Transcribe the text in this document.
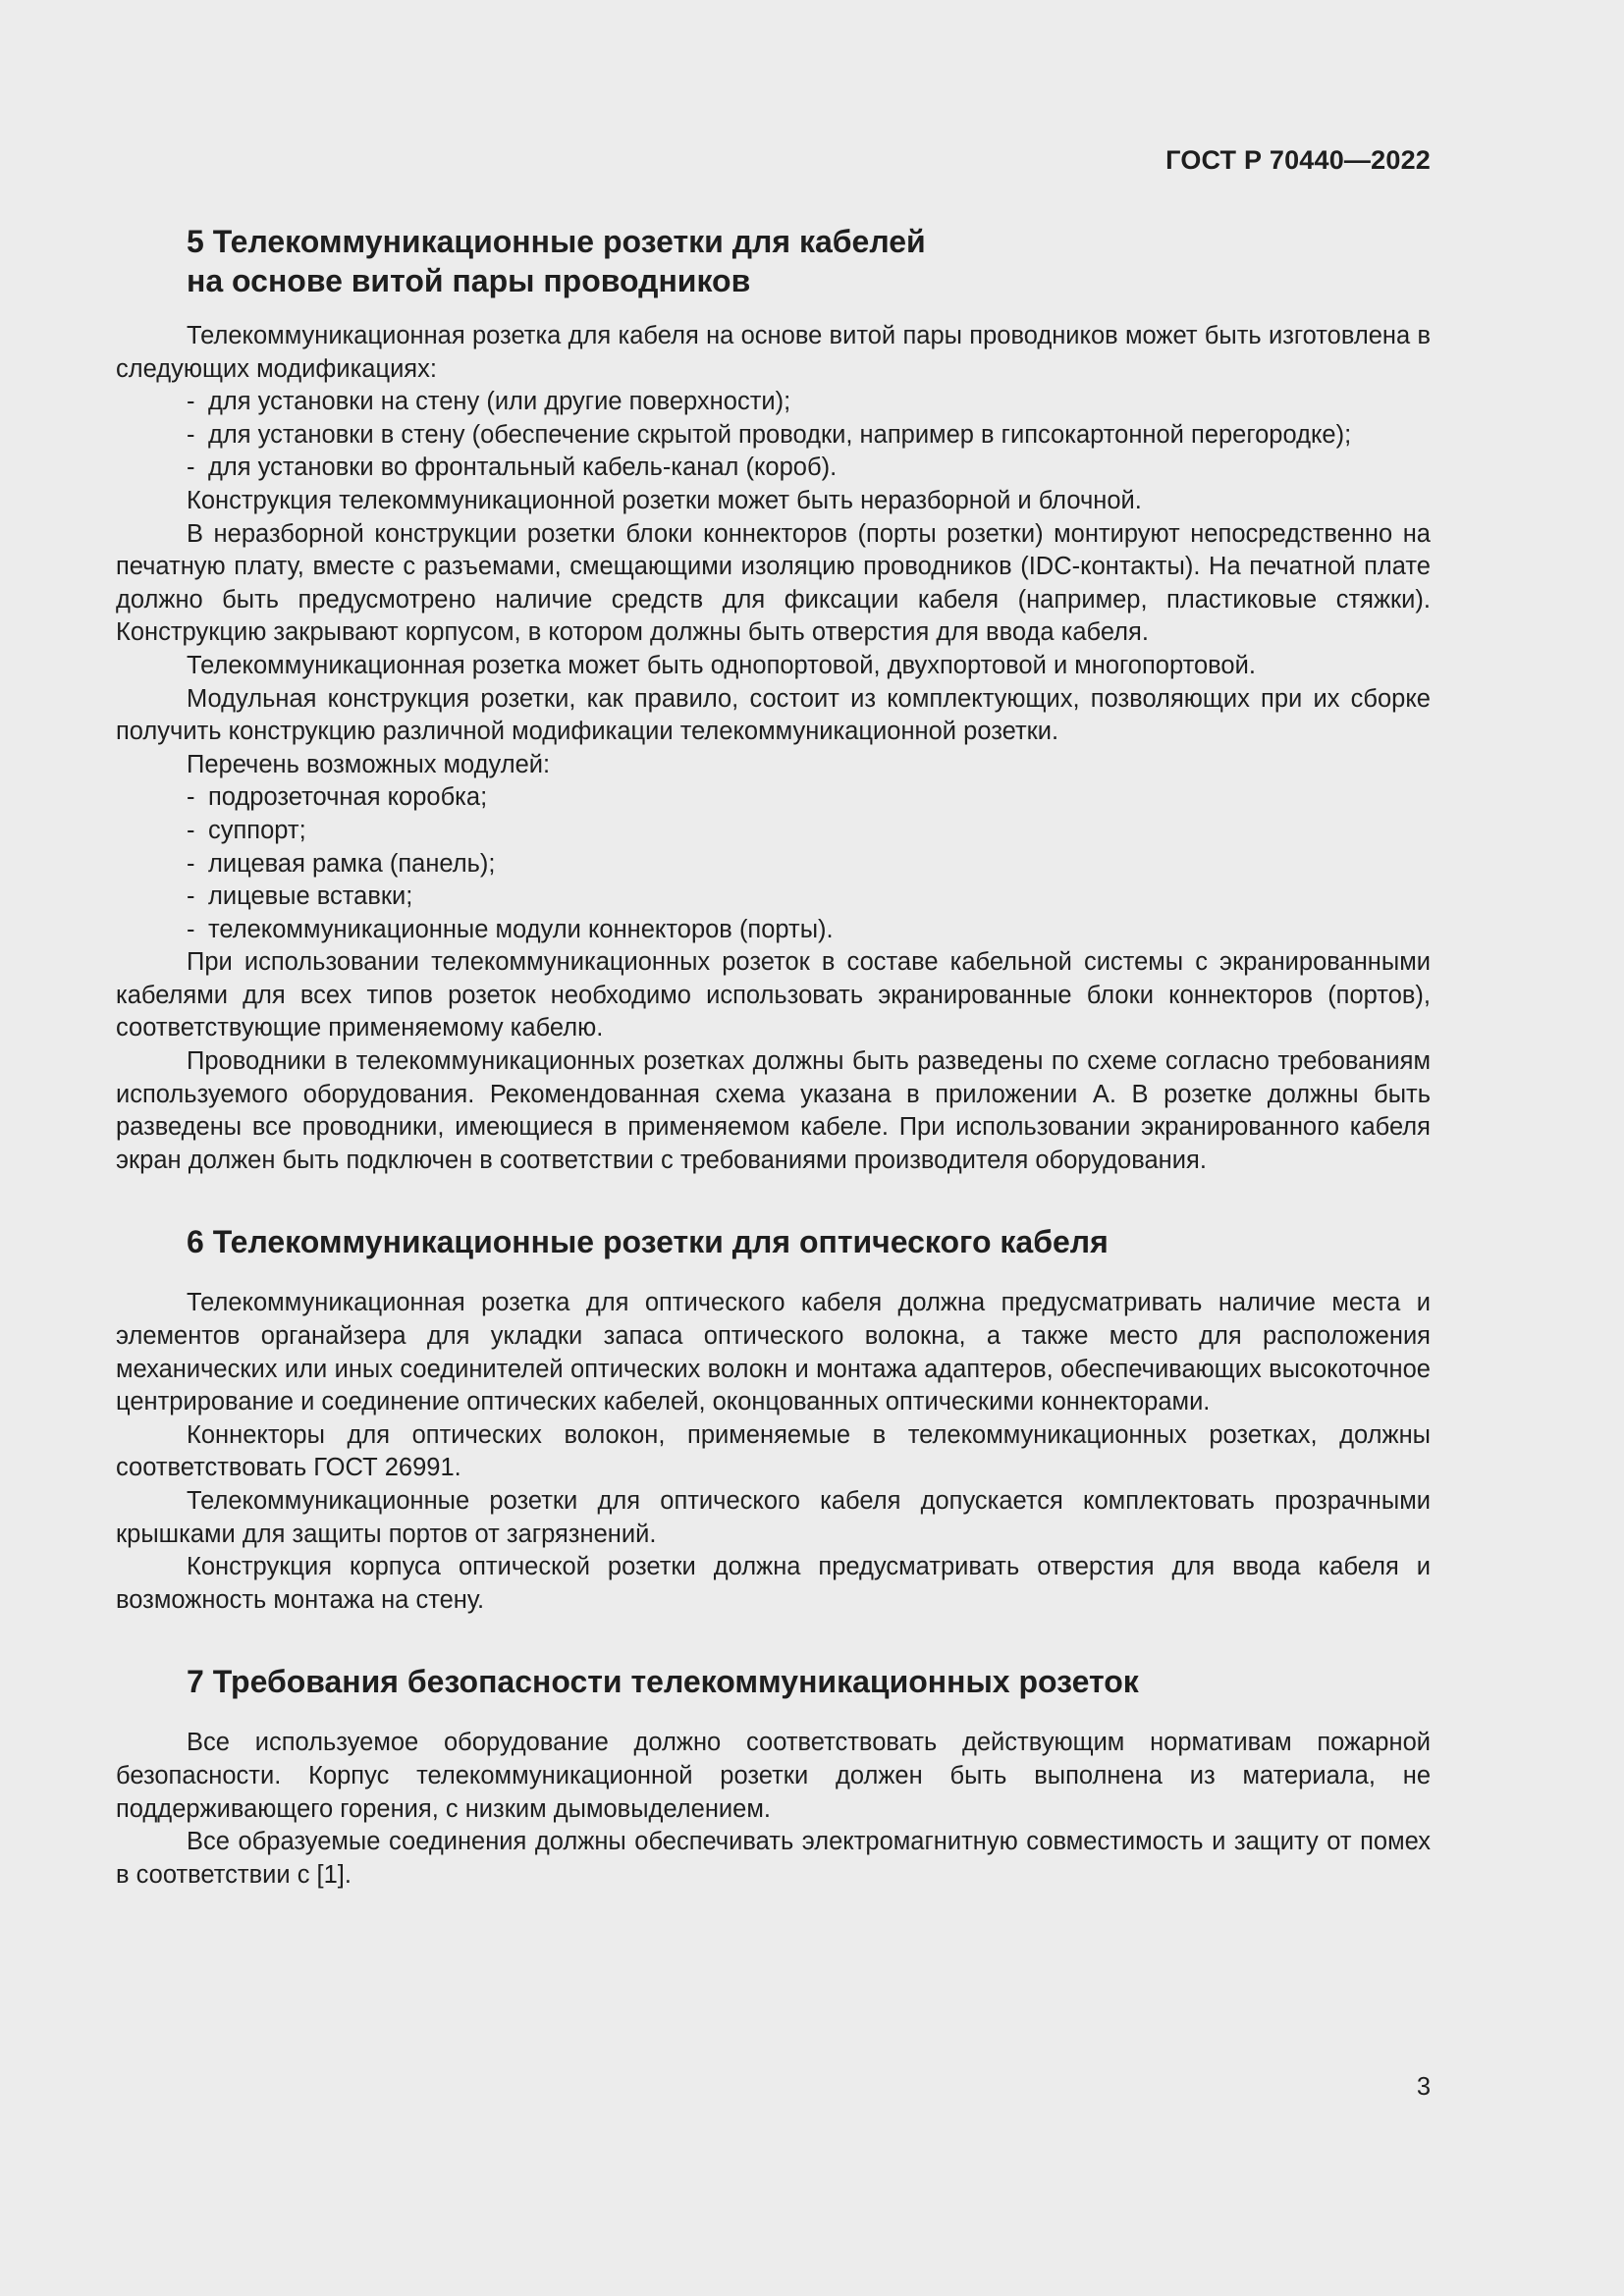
ГОСТ Р 70440—2022
5 Телекоммуникационные розетки для кабелей
на основе витой пары проводников

Телекоммуникационная розетка для кабеля на основе витой пары проводников может быть изготовлена в следующих модификациях:

- для установки на стену (или другие поверхности);
- для установки в стену (обеспечение скрытой проводки, например в гипсокартонной перегородке);
- для установки во фронтальный кабель-канал (короб).

Конструкция телекоммуникационной розетки может быть неразборной и блочной.

В неразборной конструкции розетки блоки коннекторов (порты розетки) монтируют непосредственно на печатную плату, вместе с разъемами, смещающими изоляцию проводников (IDC-контакты). На печатной плате должно быть предусмотрено наличие средств для фиксации кабеля (например, пластиковые стяжки). Конструкцию закрывают корпусом, в котором должны быть отверстия для ввода кабеля.

Телекоммуникационная розетка может быть однопортовой, двухпортовой и многопортовой.

Модульная конструкция розетки, как правило, состоит из комплектующих, позволяющих при их сборке получить конструкцию различной модификации телекоммуникационной розетки.

Перечень возможных модулей:

- подрозеточная коробка;
- суппорт;
- лицевая рамка (панель);
- лицевые вставки;
- телекоммуникационные модули коннекторов (порты).

При использовании телекоммуникационных розеток в составе кабельной системы с экранированными кабелями для всех типов розеток необходимо использовать экранированные блоки коннекторов (портов), соответствующие применяемому кабелю.

Проводники в телекоммуникационных розетках должны быть разведены по схеме согласно требованиям используемого оборудования. Рекомендованная схема указана в приложении А. В розетке должны быть разведены все проводники, имеющиеся в применяемом кабеле. При использовании экранированного кабеля экран должен быть подключен в соответствии с требованиями производителя оборудования.

6 Телекоммуникационные розетки для оптического кабеля

Телекоммуникационная розетка для оптического кабеля должна предусматривать наличие места и элементов органайзера для укладки запаса оптического волокна, а также место для расположения механических или иных соединителей оптических волокн и монтажа адаптеров, обеспечивающих высокоточное центрирование и соединение оптических кабелей, оконцованных оптическими коннекторами.

Коннекторы для оптических волокон, применяемые в телекоммуникационных розетках, должны соответствовать ГОСТ 26991.

Телекоммуникационные розетки для оптического кабеля допускается комплектовать прозрачными крышками для защиты портов от загрязнений.

Конструкция корпуса оптической розетки должна предусматривать отверстия для ввода кабеля и возможность монтажа на стену.

7 Требования безопасности телекоммуникационных розеток

Все используемое оборудование должно соответствовать действующим нормативам пожарной безопасности. Корпус телекоммуникационной розетки должен быть выполнена из материала, не поддерживающего горения, с низким дымовыделением.

Все образуемые соединения должны обеспечивать электромагнитную совместимость и защиту от помех в соответствии с [1].

3
